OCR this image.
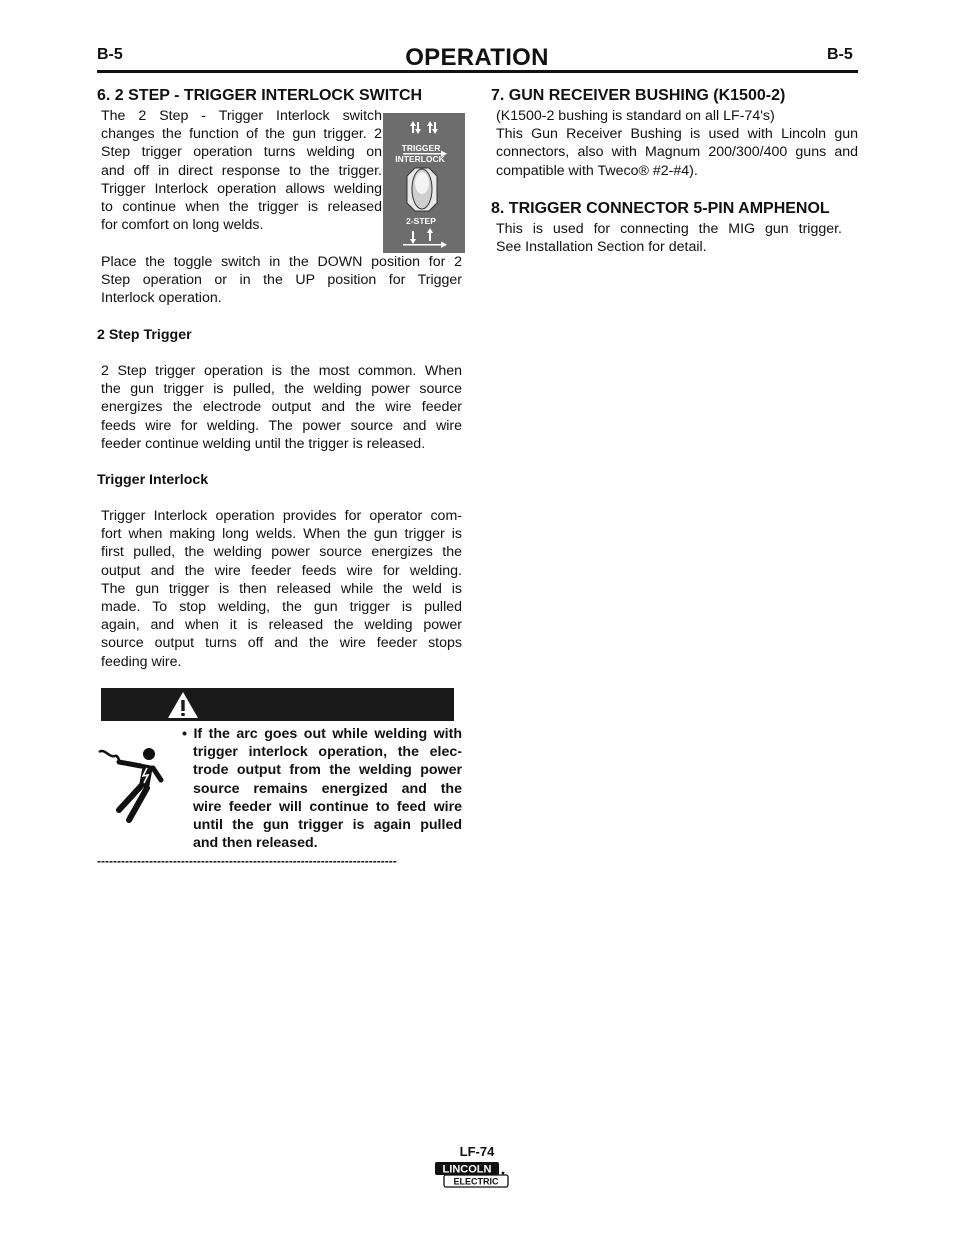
B-5	OPERATION	B-5
6. 2 STEP - TRIGGER INTERLOCK SWITCH
The 2 Step - Trigger Interlock switch
changes the function of the gun trigger. 2
Step trigger operation turns welding on
and off in direct response to the trigger.
Trigger Interlock operation allows welding
to continue when the trigger is released
for comfort on long welds.
TRIGGER
INTERLOCK
2-STEP
Place the toggle switch in the DOWN position for 2
Step operation or in the UP position for Trigger
Interlock operation.
2 Step Trigger
2 Step trigger operation is the most common. When
the gun trigger is pulled, the welding power source
energizes the electrode output and the wire feeder
feeds wire for welding. The power source and wire
feeder continue welding until the trigger is released.
Trigger Interlock
Trigger Interlock operation provides for operator com-
fort when making long welds. When the gun trigger is
first pulled, the welding power source energizes the
output and the wire feeder feeds wire for welding.
The gun trigger is then released while the weld is
made. To stop welding, the gun trigger is pulled
again, and when it is released the welding power
source output turns off and the wire feeder stops
feeding wire.
• If the arc goes out while welding with
trigger interlock operation, the elec-
trode output from the welding power
source remains energized and the
wire feeder will continue to feed wire
until the gun trigger is again pulled
and then released.
---------------------------------------------------------------------------
7. GUN RECEIVER BUSHING (K1500-2)
(K1500-2 bushing is standard on all LF-74's)
This Gun Receiver Bushing is used with Lincoln gun
connectors, also with Magnum 200/300/400 guns and
compatible with Tweco® #2-#4).
8. TRIGGER CONNECTOR 5-PIN AMPHENOL
This is used for connecting the MIG gun trigger.
See Installation Section for detail.
LF-74
LINCOLN
ELECTRIC
